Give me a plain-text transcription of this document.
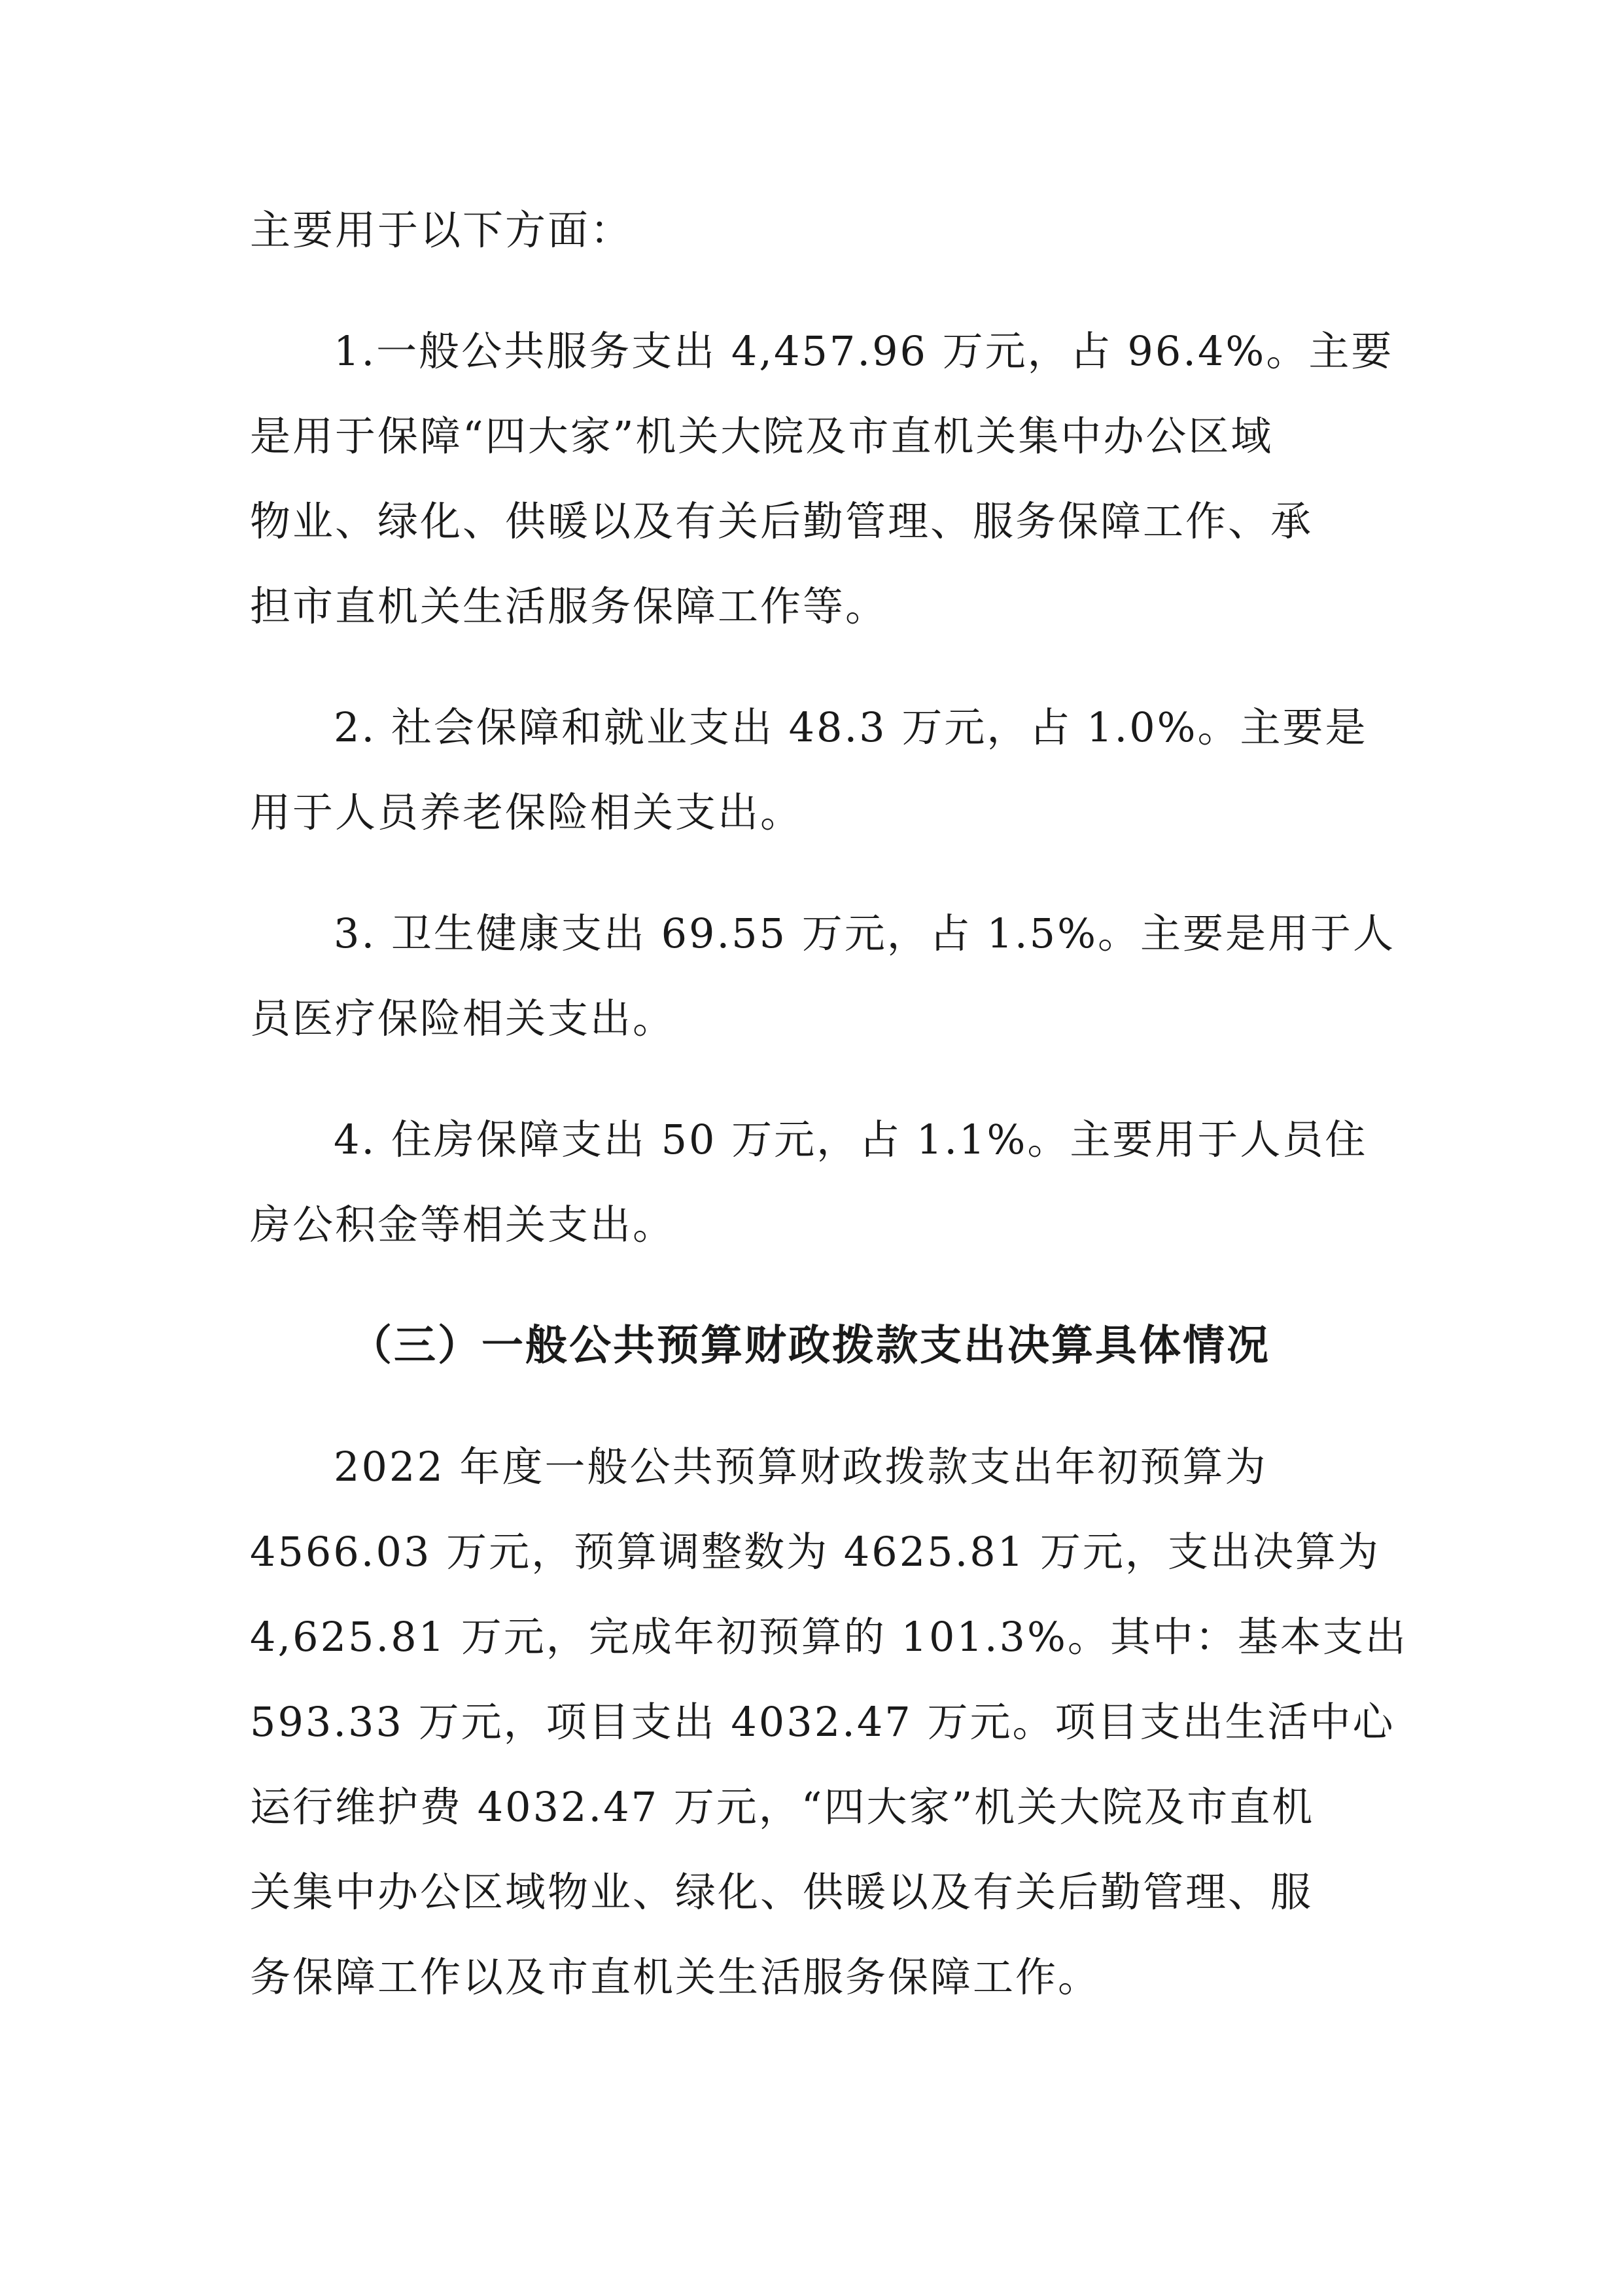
主要用于以下方面：
1.一般公共服务支出 4,457.96 万元，占 96.4%。主要
是用于保障“四大家”机关大院及市直机关集中办公区域
物业、绿化、供暖以及有关后勤管理、服务保障工作、承
担市直机关生活服务保障工作等。
2. 社会保障和就业支出 48.3 万元，占 1.0%。主要是
用于人员养老保险相关支出。
3. 卫生健康支出 69.55 万元，占 1.5%。主要是用于人
员医疗保险相关支出。
4. 住房保障支出 50 万元，占 1.1%。主要用于人员住
房公积金等相关支出。
（三）一般公共预算财政拨款支出决算具体情况
2022 年度一般公共预算财政拨款支出年初预算为
4566.03 万元，预算调整数为 4625.81 万元，支出决算为
4,625.81 万元，完成年初预算的 101.3%。其中：基本支出
593.33 万元，项目支出 4032.47 万元。项目支出生活中心
运行维护费 4032.47 万元，“四大家”机关大院及市直机
关集中办公区域物业、绿化、供暖以及有关后勤管理、服
务保障工作以及市直机关生活服务保障工作。
